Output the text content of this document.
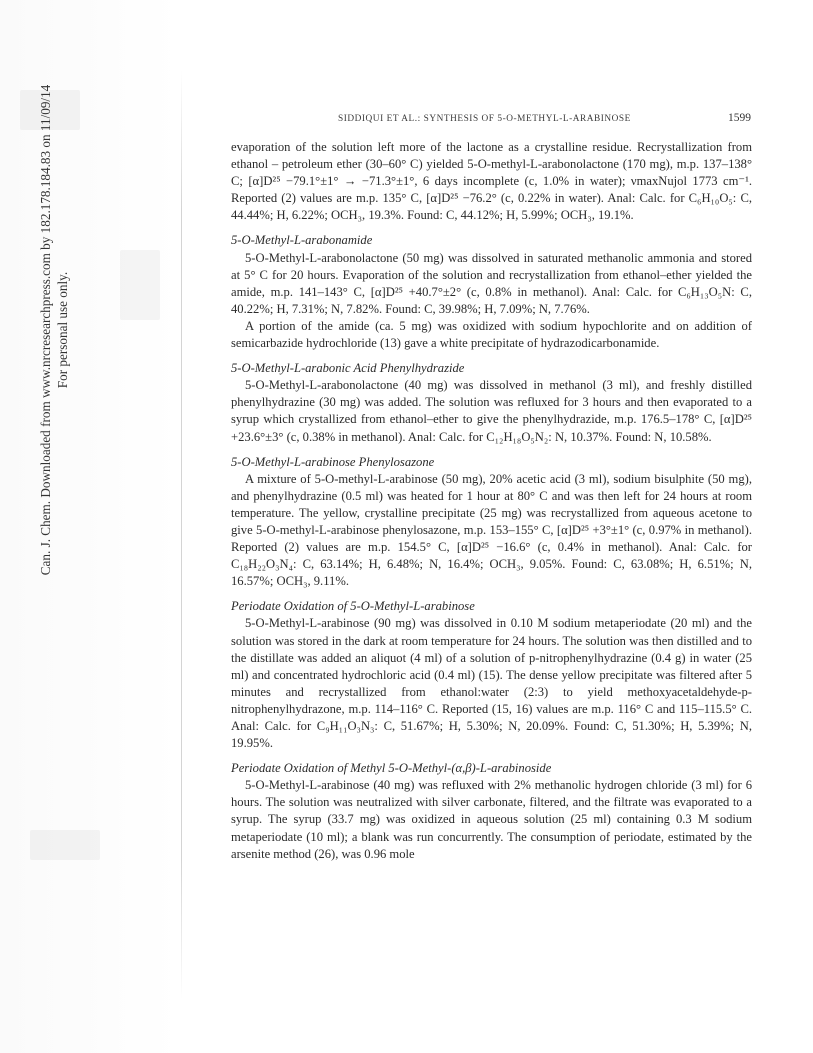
Can. J. Chem. Downloaded from www.nrcresearchpress.com by 182.178.184.83 on 11/09/14 For personal use only.
SIDDIQUI ET AL.: SYNTHESIS OF 5-O-METHYL-L-ARABINOSE	1599

evaporation of the solution left more of the lactone as a crystalline residue. Recrystallization from ethanol – petroleum ether (30–60° C) yielded 5-O-methyl-L-arabonolactone (170 mg), m.p. 137–138° C; [α]D²⁵ −79.1°±1° → −71.3°±1°, 6 days incomplete (c, 1.0% in water); νmaxNujol 1773 cm⁻¹. Reported (2) values are m.p. 135° C, [α]D²⁵ −76.2° (c, 0.22% in water). Anal: Calc. for C₆H₁₀O₅: C, 44.44%; H, 6.22%; OCH₃, 19.3%. Found: C, 44.12%; H, 5.99%; OCH₃, 19.1%.

5-O-Methyl-L-arabonamide

5-O-Methyl-L-arabonolactone (50 mg) was dissolved in saturated methanolic ammonia and stored at 5° C for 20 hours. Evaporation of the solution and recrystallization from ethanol–ether yielded the amide, m.p. 141–143° C, [α]D²⁵ +40.7°±2° (c, 0.8% in methanol). Anal: Calc. for C₆H₁₃O₅N: C, 40.22%; H, 7.31%; N, 7.82%. Found: C, 39.98%; H, 7.09%; N, 7.76%.

A portion of the amide (ca. 5 mg) was oxidized with sodium hypochlorite and on addition of semicarbazide hydrochloride (13) gave a white precipitate of hydrazodicarbonamide.

5-O-Methyl-L-arabonic Acid Phenylhydrazide

5-O-Methyl-L-arabonolactone (40 mg) was dissolved in methanol (3 ml), and freshly distilled phenylhydrazine (30 mg) was added. The solution was refluxed for 3 hours and then evaporated to a syrup which crystallized from ethanol–ether to give the phenylhydrazide, m.p. 176.5–178° C, [α]D²⁵ +23.6°±3° (c, 0.38% in methanol). Anal: Calc. for C₁₂H₁₈O₅N₂: N, 10.37%. Found: N, 10.58%.

5-O-Methyl-L-arabinose Phenylosazone

A mixture of 5-O-methyl-L-arabinose (50 mg), 20% acetic acid (3 ml), sodium bisulphite (50 mg), and phenylhydrazine (0.5 ml) was heated for 1 hour at 80° C and was then left for 24 hours at room temperature. The yellow, crystalline precipitate (25 mg) was recrystallized from aqueous acetone to give 5-O-methyl-L-arabinose phenylosazone, m.p. 153–155° C, [α]D²⁵ +3°±1° (c, 0.97% in methanol). Reported (2) values are m.p. 154.5° C, [α]D²⁵ −16.6° (c, 0.4% in methanol). Anal: Calc. for C₁₈H₂₂O₃N₄: C, 63.14%; H, 6.48%; N, 16.4%; OCH₃, 9.05%. Found: C, 63.08%; H, 6.51%; N, 16.57%; OCH₃, 9.11%.

Periodate Oxidation of 5-O-Methyl-L-arabinose

5-O-Methyl-L-arabinose (90 mg) was dissolved in 0.10 M sodium metaperiodate (20 ml) and the solution was stored in the dark at room temperature for 24 hours. The solution was then distilled and to the distillate was added an aliquot (4 ml) of a solution of p-nitrophenylhydrazine (0.4 g) in water (25 ml) and concentrated hydrochloric acid (0.4 ml) (15). The dense yellow precipitate was filtered after 5 minutes and recrystallized from ethanol:water (2:3) to yield methoxyacetaldehyde-p-nitrophenylhydrazone, m.p. 114–116° C. Reported (15, 16) values are m.p. 116° C and 115–115.5° C. Anal: Calc. for C₉H₁₁O₃N₃: C, 51.67%; H, 5.30%; N, 20.09%. Found: C, 51.30%; H, 5.39%; N, 19.95%.

Periodate Oxidation of Methyl 5-O-Methyl-(α,β)-L-arabinoside

5-O-Methyl-L-arabinose (40 mg) was refluxed with 2% methanolic hydrogen chloride (3 ml) for 6 hours. The solution was neutralized with silver carbonate, filtered, and the filtrate was evaporated to a syrup. The syrup (33.7 mg) was oxidized in aqueous solution (25 ml) containing 0.3 M sodium metaperiodate (10 ml); a blank was run concurrently. The consumption of periodate, estimated by the arsenite method (26), was 0.96 mole
